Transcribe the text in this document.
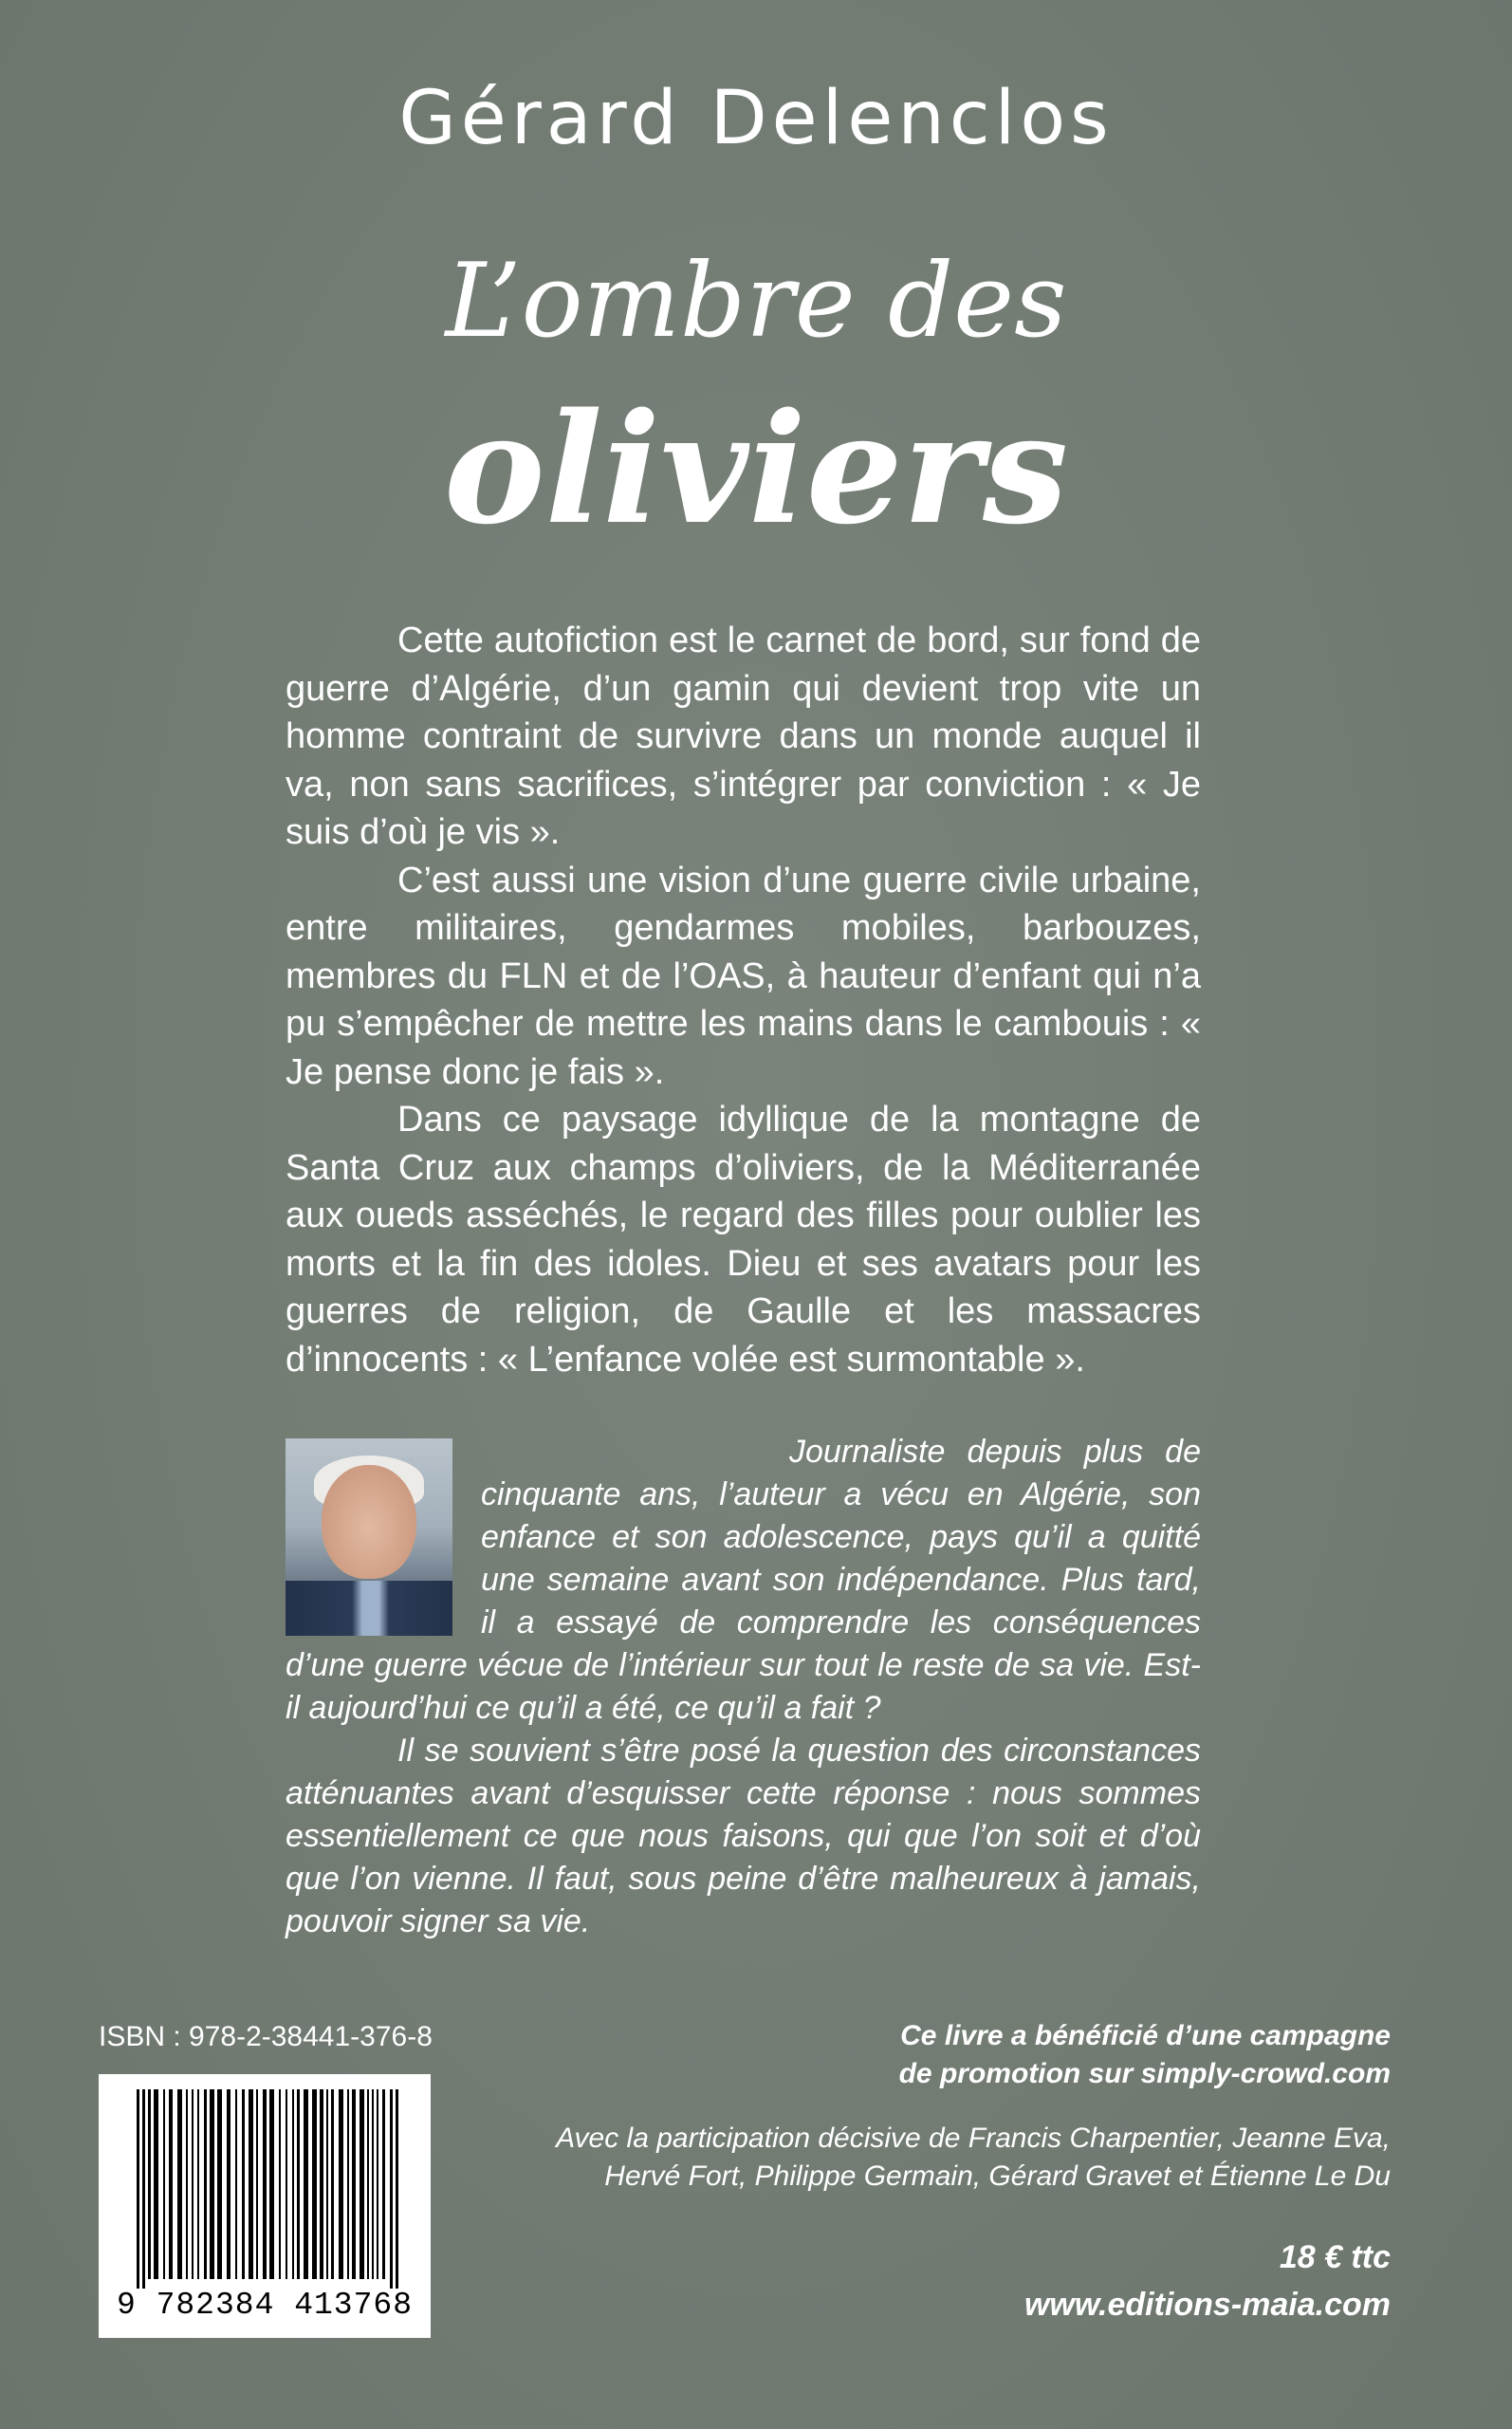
Gérard Delenclos
L’ombre des
oliviers

Cette autofiction est le carnet de bord, sur fond de guerre d’Algérie, d’un gamin qui devient trop vite un homme contraint de survivre dans un monde auquel il va, non sans sacrifices, s’intégrer par conviction : « Je suis d’où je vis ».

C’est aussi une vision d’une guerre civile urbaine, entre militaires, gendarmes mobiles, barbouzes, membres du FLN et de l’OAS, à hauteur d’enfant qui n’a pu s’empêcher de mettre les mains dans le cambouis : « Je pense donc je fais ».

Dans ce paysage idyllique de la montagne de Santa Cruz aux champs d’oliviers, de la Méditerranée aux oueds asséchés, le regard des filles pour oublier les morts et la fin des idoles. Dieu et ses avatars pour les guerres de religion, de Gaulle et les massacres d’innocents : « L’enfance volée est surmontable ».

Journaliste depuis plus de cinquante ans, l’auteur a vécu en Algérie, son enfance et son adolescence, pays qu’il a quitté une semaine avant son indépendance. Plus tard, il a essayé de comprendre les conséquences d’une guerre vécue de l’intérieur sur tout le reste de sa vie. Est-il aujourd’hui ce qu’il a été, ce qu’il a fait ?

Il se souvient s’être posé la question des circonstances atténuantes avant d’esquisser cette réponse : nous sommes essentiellement ce que nous faisons, qui que l’on soit et d’où que l’on vienne. Il faut, sous peine d’être malheureux à jamais, pouvoir signer sa vie.

ISBN : 978-2-38441-376-8
9 782384 413768
Ce livre a bénéficié d’une campagne
de promotion sur simply-crowd.com
Avec la participation décisive de Francis Charpentier, Jeanne Eva,
Hervé Fort, Philippe Germain, Gérard Gravet et Étienne Le Du
18 € ttc
www.editions-maia.com
